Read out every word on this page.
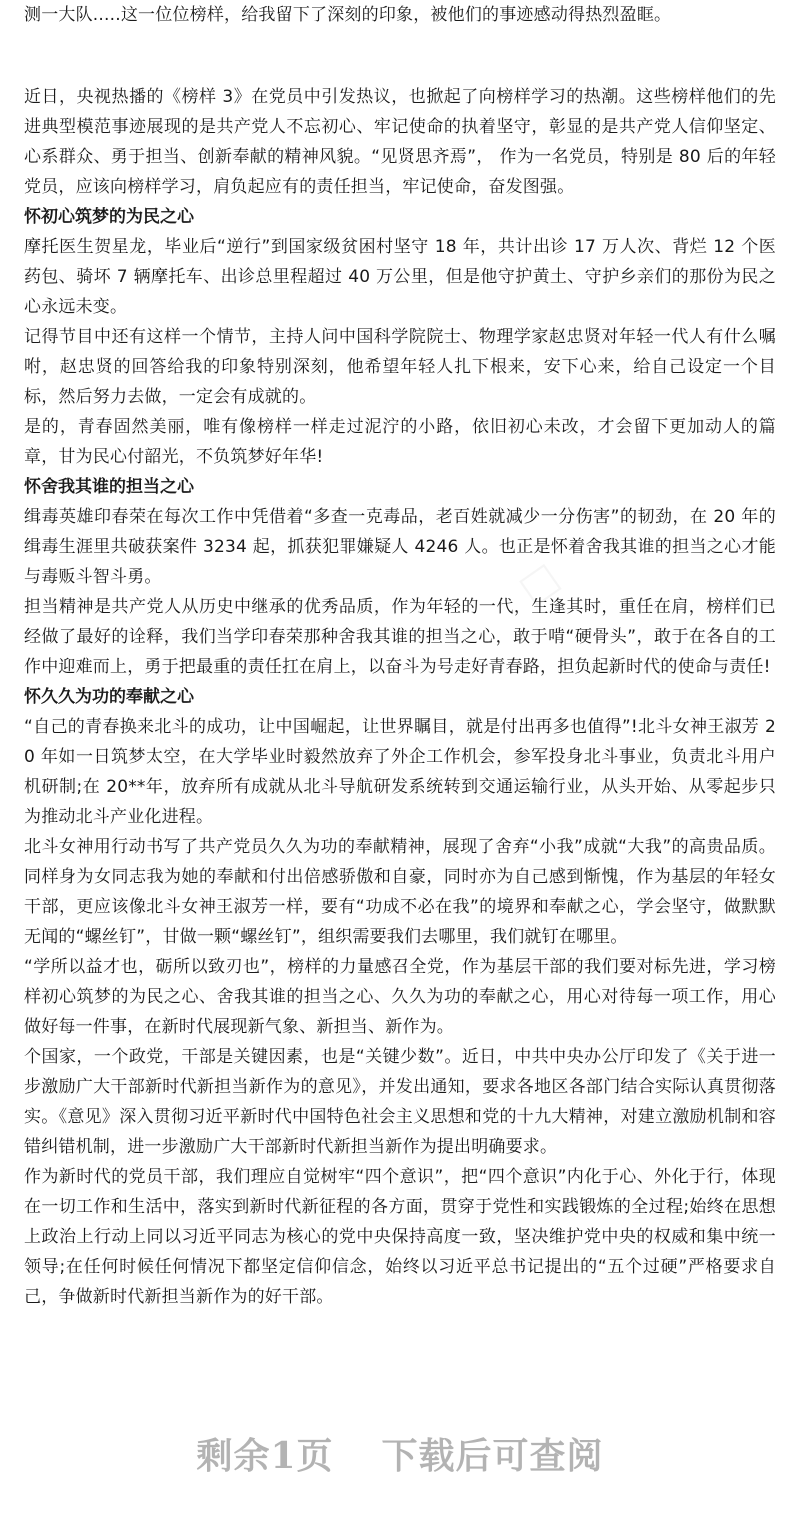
测一大队.....这一位位榜样，给我留下了深刻的印象，被他们的事迹感动得热烈盈眶。

近日，央视热播的《榜样 3》在党员中引发热议，也掀起了向榜样学习的热潮。这些榜样他们的先进典型模范事迹展现的是共产党人不忘初心、牢记使命的执着坚守，彰显的是共产党人信仰坚定、心系群众、勇于担当、创新奉献的精神风貌。“见贤思齐焉”， 作为一名党员，特别是 80 后的年轻党员，应该向榜样学习，肩负起应有的责任担当，牢记使命，奋发图强。

怀初心筑梦的为民之心

摩托医生贺星龙，毕业后“逆行”到国家级贫困村坚守 18 年，共计出诊 17 万人次、背烂 12 个医药包、骑坏 7 辆摩托车、出诊总里程超过 40 万公里，但是他守护黄土、守护乡亲们的那份为民之心永远未变。

记得节目中还有这样一个情节，主持人问中国科学院院士、物理学家赵忠贤对年轻一代人有什么嘱咐，赵忠贤的回答给我的印象特别深刻，他希望年轻人扎下根来，安下心来，给自己设定一个目标，然后努力去做，一定会有成就的。

是的，青春固然美丽，唯有像榜样一样走过泥泞的小路，依旧初心未改，才会留下更加动人的篇章，甘为民心付韶光，不负筑梦好年华!

怀舍我其谁的担当之心

缉毒英雄印春荣在每次工作中凭借着“多查一克毒品，老百姓就减少一分伤害”的韧劲，在 20 年的缉毒生涯里共破获案件 3234 起，抓获犯罪嫌疑人 4246 人。也正是怀着舍我其谁的担当之心才能与毒贩斗智斗勇。

担当精神是共产党人从历史中继承的优秀品质，作为年轻的一代，生逢其时，重任在肩，榜样们已经做了最好的诠释，我们当学印春荣那种舍我其谁的担当之心，敢于啃“硬骨头”，敢于在各自的工作中迎难而上，勇于把最重的责任扛在肩上，以奋斗为号走好青春路，担负起新时代的使命与责任!

怀久久为功的奉献之心

“自己的青春换来北斗的成功，让中国崛起，让世界瞩目，就是付出再多也值得”!北斗女神王淑芳 20 年如一日筑梦太空，在大学毕业时毅然放弃了外企工作机会，参军投身北斗事业，负责北斗用户机研制;在 20**年，放弃所有成就从北斗导航研发系统转到交通运输行业，从头开始、从零起步只为推动北斗产业化进程。

北斗女神用行动书写了共产党员久久为功的奉献精神，展现了舍弃“小我”成就“大我”的高贵品质。同样身为女同志我为她的奉献和付出倍感骄傲和自豪，同时亦为自己感到惭愧，作为基层的年轻女干部，更应该像北斗女神王淑芳一样，要有“功成不必在我”的境界和奉献之心，学会坚守，做默默无闻的“螺丝钉”，甘做一颗“螺丝钉”，组织需要我们去哪里，我们就钉在哪里。

“学所以益才也，砺所以致刃也”，榜样的力量感召全党，作为基层干部的我们要对标先进，学习榜样初心筑梦的为民之心、舍我其谁的担当之心、久久为功的奉献之心，用心对待每一项工作，用心做好每一件事，在新时代展现新气象、新担当、新作为。

个国家，一个政党，干部是关键因素，也是“关键少数”。近日，中共中央办公厅印发了《关于进一步激励广大干部新时代新担当新作为的意见》，并发出通知，要求各地区各部门结合实际认真贯彻落实。《意见》深入贯彻习近平新时代中国特色社会主义思想和党的十九大精神，对建立激励机制和容错纠错机制，进一步激励广大干部新时代新担当新作为提出明确要求。

作为新时代的党员干部，我们理应自觉树牢“四个意识”，把“四个意识”内化于心、外化于行，体现在一切工作和生活中，落实到新时代新征程的各方面，贯穿于党性和实践锻炼的全过程;始终在思想上政治上行动上同以习近平同志为核心的党中央保持高度一致，坚决维护党中央的权威和集中统一领导;在任何时候任何情况下都坚定信仰信念，始终以习近平总书记提出的“五个过硬”严格要求自己，争做新时代新担当新作为的好干部。

剩余1页 下载后可查阅
